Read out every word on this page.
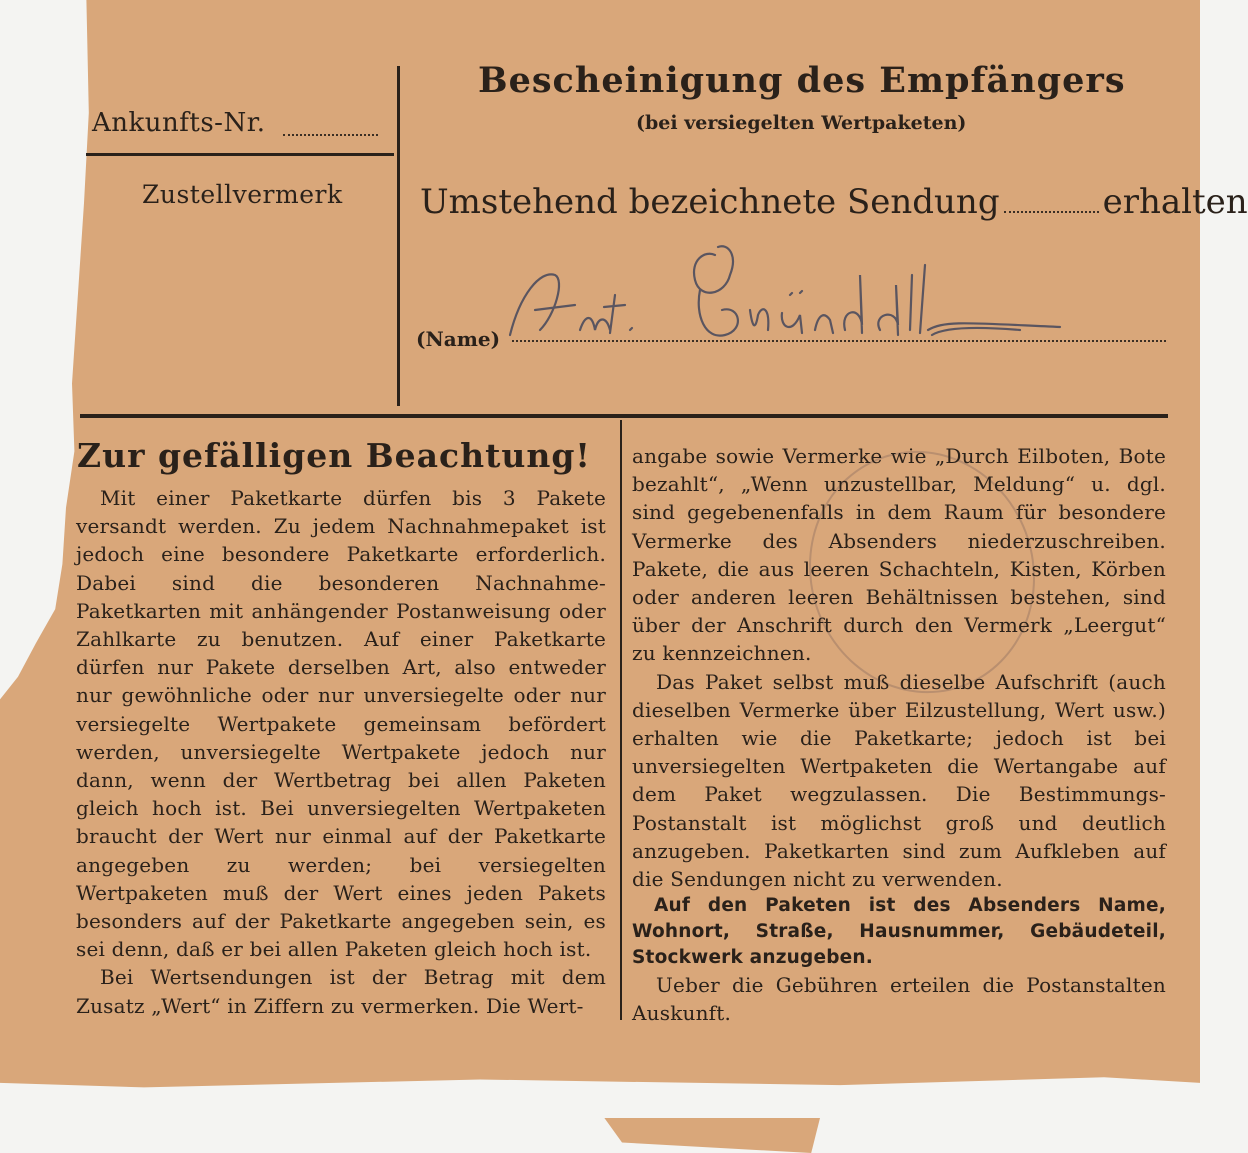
Ankunfts-Nr.
Zustellvermerk
Bescheinigung des Empfängers
(bei versiegelten Wertpaketen)
Umstehend bezeichnete Sendung	erhalten
(Name)
Zur gefälligen Beachtung!

Mit einer Paketkarte dürfen bis 3 Pakete versandt werden. Zu jedem Nachnahmepaket ist jedoch eine besondere Paketkarte erforderlich. Dabei sind die besonderen Nachnahme-Paketkarten mit anhängender Postanweisung oder Zahlkarte zu benutzen. Auf einer Paketkarte dürfen nur Pakete derselben Art, also entweder nur gewöhnliche oder nur unversiegelte oder nur versiegelte Wertpakete gemeinsam befördert werden, unversiegelte Wertpakete jedoch nur dann, wenn der Wertbetrag bei allen Paketen gleich hoch ist. Bei unversiegelten Wertpaketen braucht der Wert nur einmal auf der Paketkarte angegeben zu werden; bei versiegelten Wertpaketen muß der Wert eines jeden Pakets besonders auf der Paketkarte angegeben sein, es sei denn, daß er bei allen Paketen gleich hoch ist.

Bei Wertsendungen ist der Betrag mit dem Zusatz „Wert“ in Ziffern zu vermerken. Die Wert-

angabe sowie Vermerke wie „Durch Eilboten, Bote bezahlt“, „Wenn unzustellbar, Meldung“ u. dgl. sind gegebenenfalls in dem Raum für besondere Vermerke des Absenders niederzuschreiben. Pakete, die aus leeren Schachteln, Kisten, Körben oder anderen leeren Behältnissen bestehen, sind über der Anschrift durch den Vermerk „Leergut“ zu kennzeichnen.

Das Paket selbst muß dieselbe Aufschrift (auch dieselben Vermerke über Eilzustellung, Wert usw.) erhalten wie die Paketkarte; jedoch ist bei unversiegelten Wertpaketen die Wertangabe auf dem Paket wegzulassen. Die Bestimmungs-Postanstalt ist möglichst groß und deutlich anzugeben. Paketkarten sind zum Aufkleben auf die Sendungen nicht zu verwenden.

Auf den Paketen ist des Absenders Name, Wohnort, Straße, Hausnummer, Gebäudeteil, Stockwerk anzugeben.

Ueber die Gebühren erteilen die Postanstalten Auskunft.
